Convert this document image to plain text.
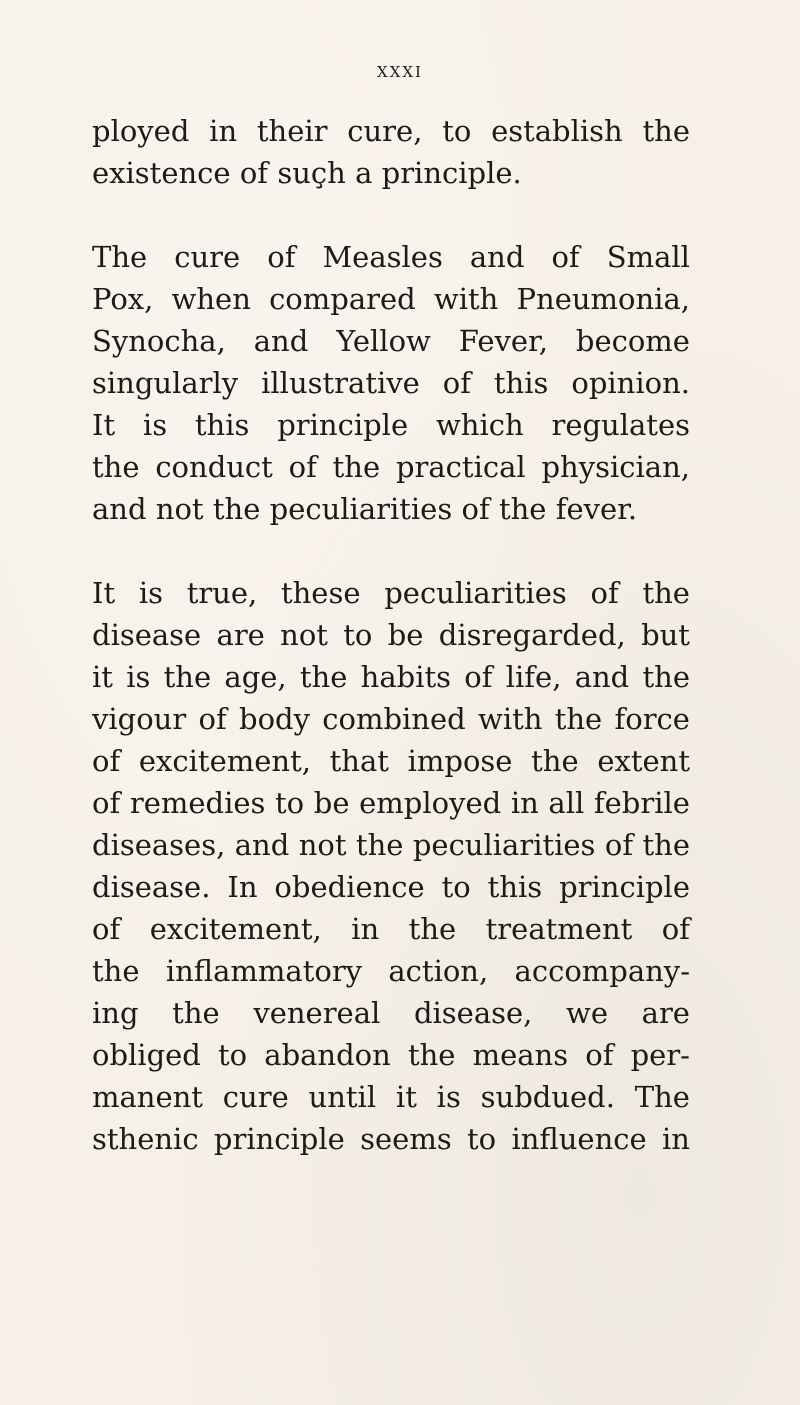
xxxi
ployed in their cure, to establish the
existence of suçh a principle.
The cure of Measles and of Small
Pox, when compared with Pneumonia,
Synocha, and Yellow Fever, become
singularly illustrative of this opinion.
It is this principle which regulates
the conduct of the practical physician,
and not the peculiarities of the fever.
It is true, these peculiarities of the
disease are not to be disregarded, but
it is the age, the habits of life, and the
vigour of body combined with the force
of excitement, that impose the extent
of remedies to be employed in all febrile
diseases, and not the peculiarities of the
disease. In obedience to this principle
of excitement, in the treatment of
the inflammatory action, accompany-
ing the venereal disease, we are
obliged to abandon the means of per-
manent cure until it is subdued. The
sthenic principle seems to influence in
